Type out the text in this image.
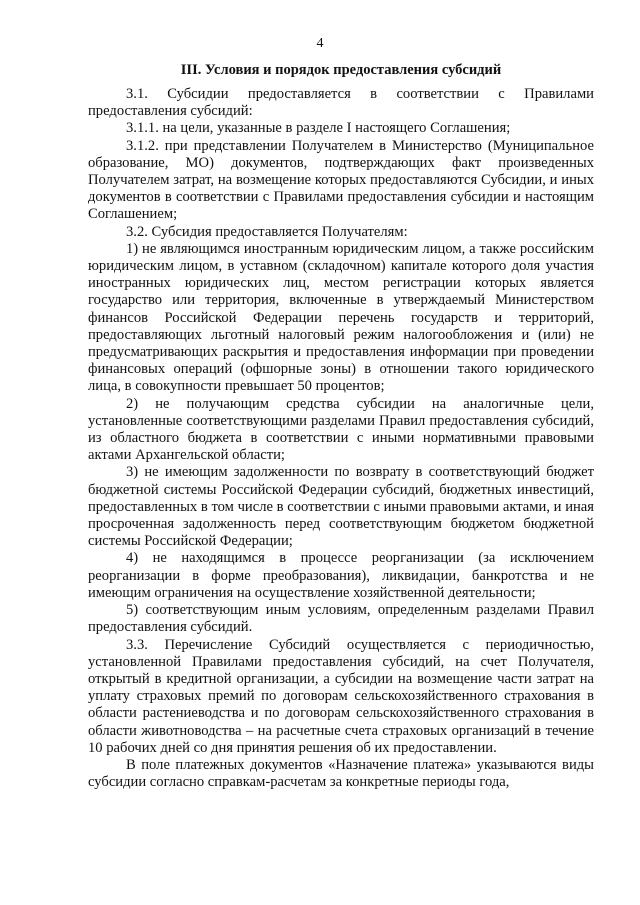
4
III. Условия и порядок предоставления субсидий

3.1. Субсидии предоставляется в соответствии с Правилами предоставления субсидий:

3.1.1. на цели, указанные в разделе I настоящего Соглашения;

3.1.2. при представлении Получателем в Министерство (Муниципальное образование, МО) документов, подтверждающих факт произведенных Получателем затрат, на возмещение которых предоставляются Субсидии, и иных документов в соответствии с Правилами предоставления субсидии и настоящим Соглашением;

3.2. Субсидия предоставляется Получателям:

1) не являющимся иностранным юридическим лицом, а также российским юридическим лицом, в уставном (складочном) капитале которого доля участия иностранных юридических лиц, местом регистрации которых является государство или территория, включенные в утверждаемый Министерством финансов Российской Федерации перечень государств и территорий, предоставляющих льготный налоговый режим налогообложения и (или) не предусматривающих раскрытия и предоставления информации при проведении финансовых операций (офшорные зоны) в отношении такого юридического лица, в совокупности превышает 50 процентов;

2) не получающим средства субсидии на аналогичные цели, установленные соответствующими разделами Правил предоставления субсидий, из областного бюджета в соответствии с иными нормативными правовыми актами Архангельской области;

3) не имеющим задолженности по возврату в соответствующий бюджет бюджетной системы Российской Федерации субсидий, бюджетных инвестиций, предоставленных в том числе в соответствии с иными правовыми актами, и иная просроченная задолженность перед соответствующим бюджетом бюджетной системы Российской Федерации;

4) не находящимся в процессе реорганизации (за исключением реорганизации в форме преобразования), ликвидации, банкротства и не имеющим ограничения на осуществление хозяйственной деятельности;

5) соответствующим иным условиям, определенным разделами Правил предоставления субсидий.

3.3. Перечисление Субсидий осуществляется с периодичностью, установленной Правилами предоставления субсидий, на счет Получателя, открытый в кредитной организации, а субсидии на возмещение части затрат на уплату страховых премий по договорам сельскохозяйственного страхования в области растениеводства и по договорам сельскохозяйственного страхования в области животноводства – на расчетные счета страховых организаций в течение 10 рабочих дней со дня принятия решения об их предоставлении.

В поле платежных документов «Назначение платежа» указываются виды субсидии согласно справкам-расчетам за конкретные периоды года,
